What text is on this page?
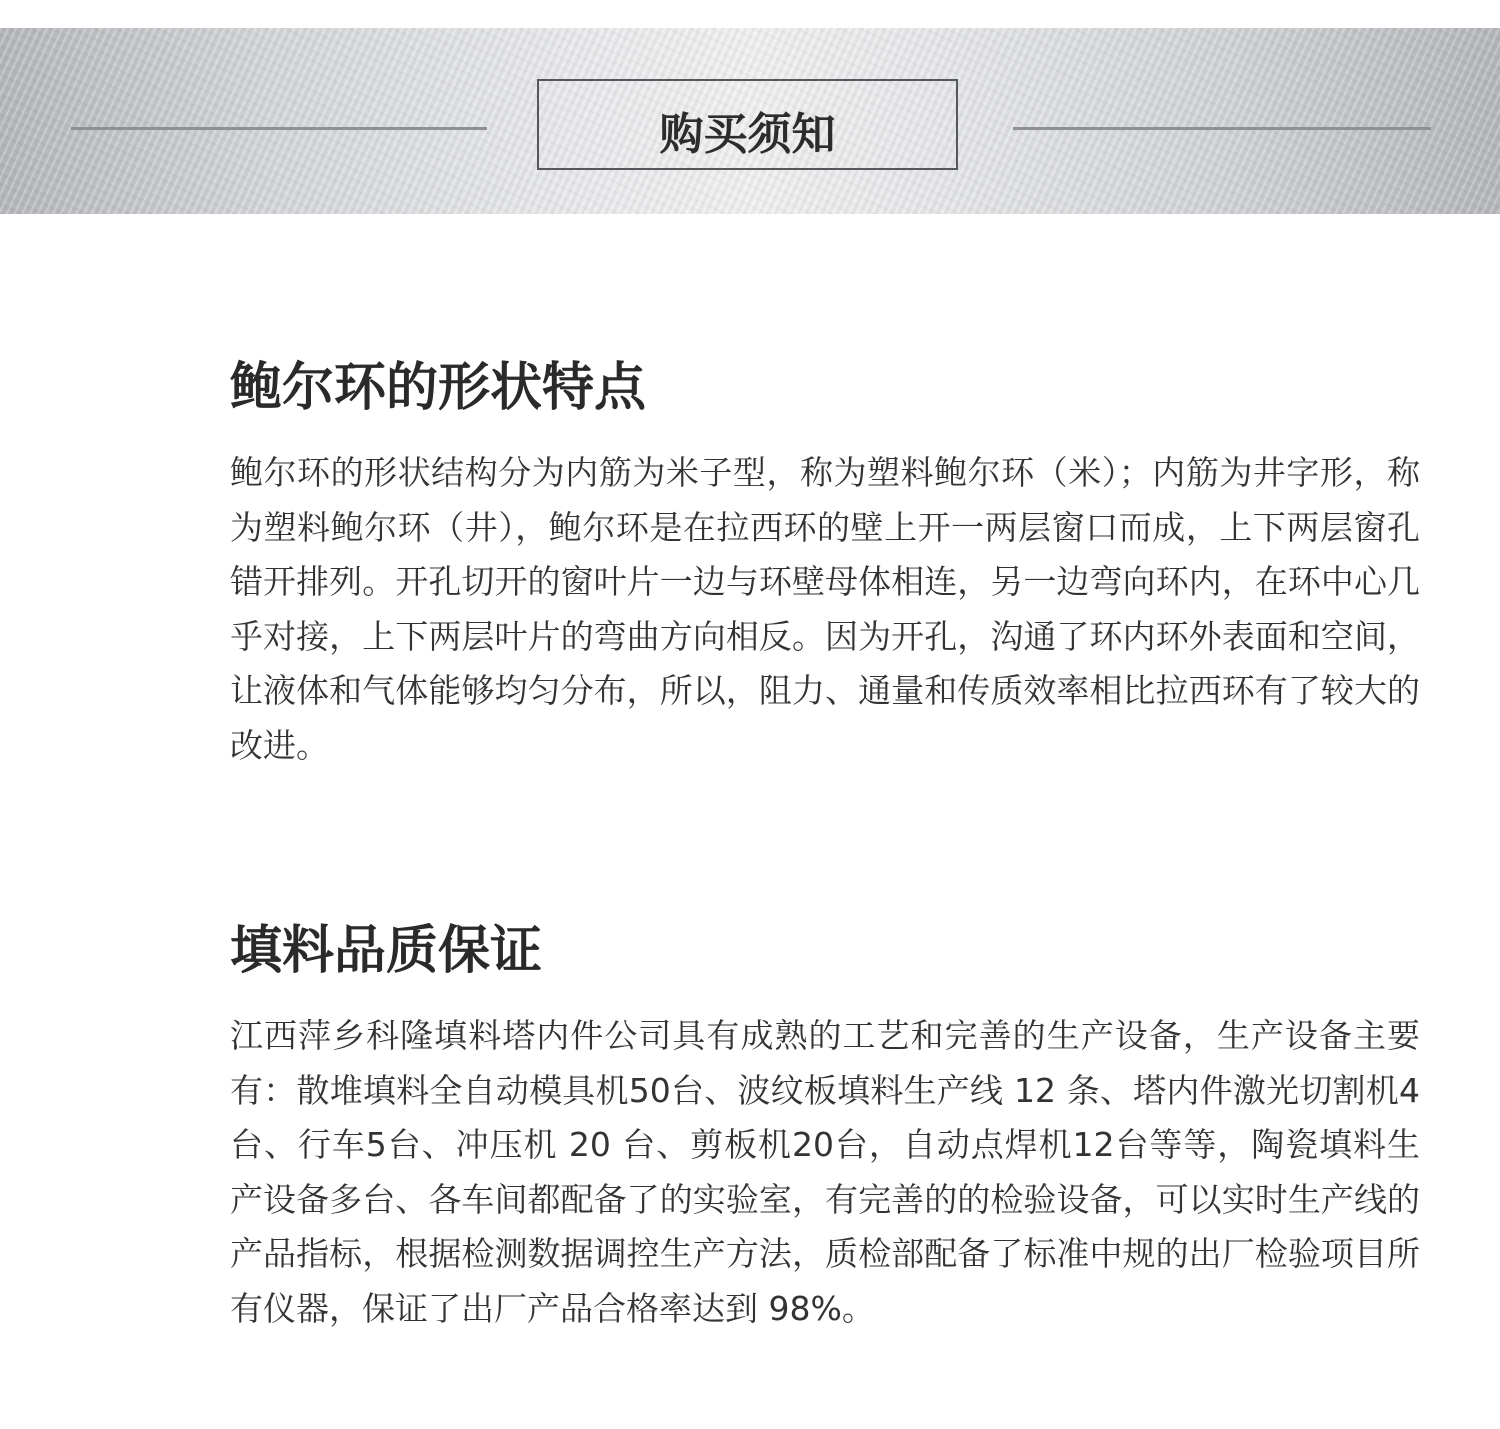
购买须知
鲍尔环的形状特点

鲍尔环的形状结构分为内筋为米子型，称为塑料鲍尔环（米）；内筋为井字形，称为塑料鲍尔环（井），鲍尔环是在拉西环的壁上开一两层窗口而成，上下两层窗孔错开排列。开孔切开的窗叶片一边与环壁母体相连，另一边弯向环内，在环中心几乎对接，上下两层叶片的弯曲方向相反。因为开孔，沟通了环内环外表面和空间，让液体和气体能够均匀分布，所以，阻力、通量和传质效率相比拉西环有了较大的改进。

填料品质保证

江西萍乡科隆填料塔内件公司具有成熟的工艺和完善的生产设备，生产设备主要有：散堆填料全自动模具机50台、波纹板填料生产线 12 条、塔内件激光切割机4台、行车5台、冲压机 20 台、剪板机20台，自动点焊机12台等等，陶瓷填料生产设备多台、各车间都配备了的实验室，有完善的的检验设备，可以实时生产线的产品指标，根据检测数据调控生产方法，质检部配备了标准中规的出厂检验项目所有仪器，保证了出厂产品合格率达到 98%。
